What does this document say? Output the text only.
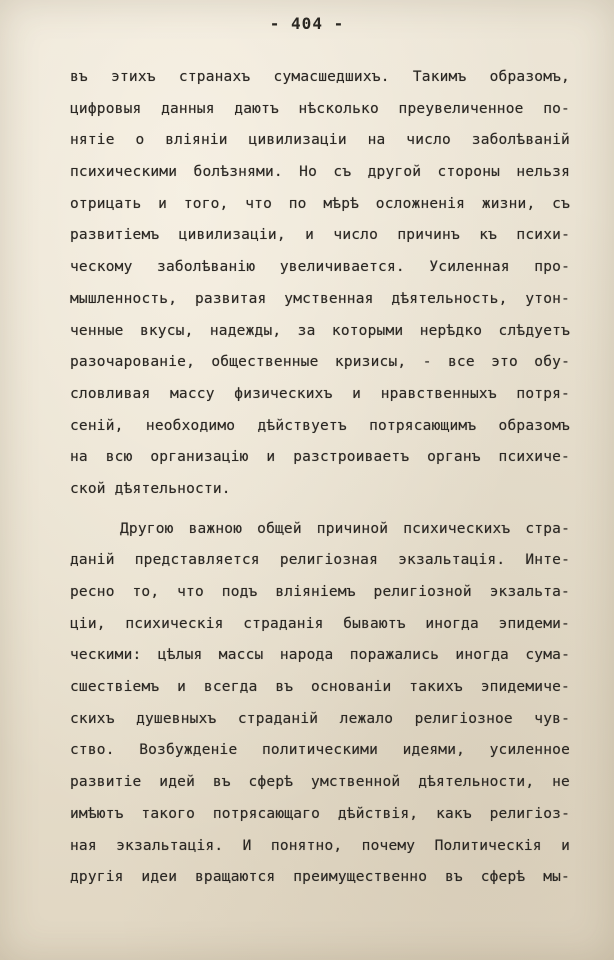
- 404 -
въ этихъ странахъ сумасшедшихъ. Такимъ образомъ,
цифровыя данныя даютъ нѣсколько преувеличенное по-
нятіе о вліяніи цивилизаціи на число заболѣваній
психическими болѣзнями. Но съ другой стороны нельзя
отрицать и того, что по мѣрѣ осложненія жизни, съ
развитіемъ цивилизаціи, и число причинъ къ психи-
ческому заболѣванію увеличивается. Усиленная про-
мышленность, развитая умственная дѣятельность, утон-
ченные вкусы, надежды, за которыми нерѣдко слѣдуетъ
разочарованіе, общественные кризисы, - все это обу-
словливая массу физическихъ и нравственныхъ потря-
сеній, необходимо дѣйствуетъ потрясающимъ образомъ
на всю организацію и разстроиваетъ органъ психиче-
ской дѣятельности.
Другою важною общей причиной психическихъ стра-
даній представляется религіозная экзальтація. Инте-
ресно то, что подъ вліяніемъ религіозной экзальта-
ціи, психическія страданія бываютъ иногда эпидеми-
ческими: цѣлыя массы народа поражались иногда сума-
сшествіемъ и всегда въ основаніи такихъ эпидемиче-
скихъ душевныхъ страданій лежало религіозное чув-
ство. Возбужденіе политическими идеями, усиленное
развитіе идей въ сферѣ умственной дѣятельности, не
имѣютъ такого потрясающаго дѣйствія, какъ религіоз-
ная экзальтація. И понятно, почему Политическія и
другія идеи вращаются преимущественно въ сферѣ мы-
